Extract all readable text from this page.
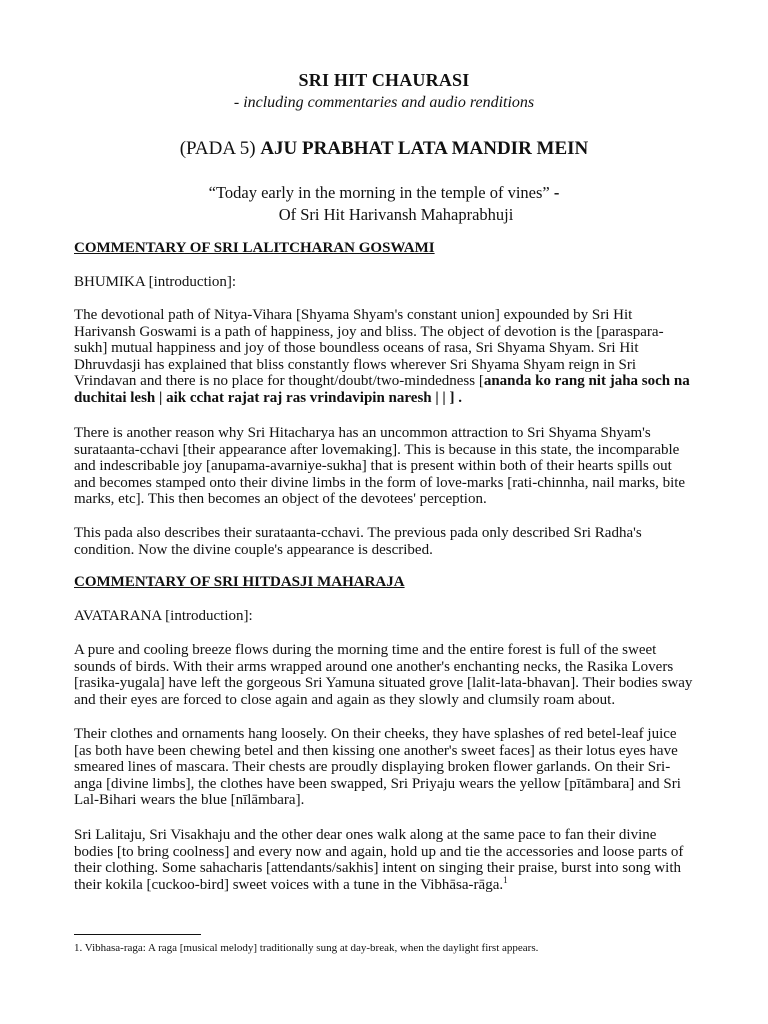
SRI HIT CHAURASI
- including commentaries and audio renditions
(PADA 5) AJU PRABHAT LATA MANDIR MEIN
“Today early in the morning in the temple of vines” -
Of Sri Hit Harivansh Mahaprabhuji

COMMENTARY OF SRI LALITCHARAN GOSWAMI

BHUMIKA [introduction]:

The devotional path of Nitya-Vihara [Shyama Shyam's constant union] expounded by Sri Hit Harivansh Goswami is a path of happiness, joy and bliss. The object of devotion is the [paraspara-sukh] mutual happiness and joy of those boundless oceans of rasa, Sri Shyama Shyam. Sri Hit Dhruvdasji has explained that bliss constantly flows wherever Sri Shyama Shyam reign in Sri Vrindavan and there is no place for thought/doubt/two-mindedness [ananda ko rang nit jaha soch na duchitai lesh | aik cchat rajat raj ras vrindavipin naresh | | ] .

There is another reason why Sri Hitacharya has an uncommon attraction to Sri Shyama Shyam's surataanta-cchavi [their appearance after lovemaking]. This is because in this state, the incomparable and indescribable joy [anupama-avarniye-sukha] that is present within both of their hearts spills out and becomes stamped onto their divine limbs in the form of love-marks [rati-chinnha, nail marks, bite marks, etc]. This then becomes an object of the devotees' perception.

This pada also describes their surataanta-cchavi. The previous pada only described Sri Radha's condition. Now the divine couple's appearance is described.

COMMENTARY OF SRI HITDASJI MAHARAJA

AVATARANA [introduction]:

A pure and cooling breeze flows during the morning time and the entire forest is full of the sweet sounds of birds. With their arms wrapped around one another's enchanting necks, the Rasika Lovers [rasika-yugala] have left the gorgeous Sri Yamuna situated grove [lalit-lata-bhavan]. Their bodies sway and their eyes are forced to close again and again as they slowly and clumsily roam about.

Their clothes and ornaments hang loosely. On their cheeks, they have splashes of red betel-leaf juice [as both have been chewing betel and then kissing one another's sweet faces] as their lotus eyes have smeared lines of mascara. Their chests are proudly displaying broken flower garlands. On their Sri-anga [divine limbs], the clothes have been swapped, Sri Priyaju wears the yellow [pītāmbara] and Sri Lal-Bihari wears the blue [nīlāmbara].

Sri Lalitaju, Sri Visakhaju and the other dear ones walk along at the same pace to fan their divine bodies [to bring coolness] and every now and again, hold up and tie the accessories and loose parts of their clothing. Some sahacharis [attendants/sakhis] intent on singing their praise, burst into song with their kokila [cuckoo-bird] sweet voices with a tune in the Vibhāsa-rāga.$^1$

1. Vibhasa-raga: A raga [musical melody] traditionally sung at day-break, when the daylight first appears.
